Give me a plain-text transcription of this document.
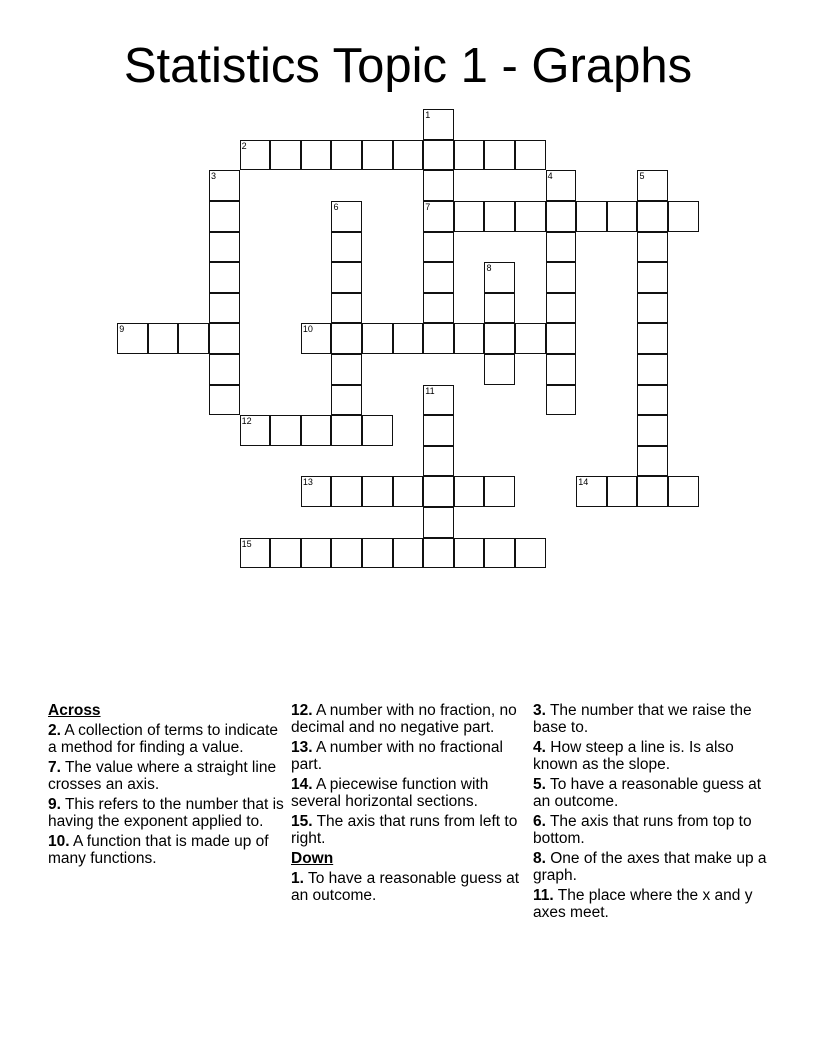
Statistics Topic 1 - Graphs
1
7
2
3	4	5
6
8
9	10
11
12
13	14
15
Across
2. A collection of terms to indicate a method for finding a value.
7. The value where a straight line crosses an axis.
9. This refers to the number that is having the exponent applied to.
10. A function that is made up of many functions.
12. A number with no fraction, no decimal and no negative part.
13. A number with no fractional part.
14. A piecewise function with several horizontal sections.
15. The axis that runs from left to right.
Down
1. To have a reasonable guess at an outcome.
3. The number that we raise the base to.
4. How steep a line is. Is also known as the slope.
5. To have a reasonable guess at an outcome.
6. The axis that runs from top to bottom.
8. One of the axes that make up a graph.
11. The place where the x and y axes meet.
